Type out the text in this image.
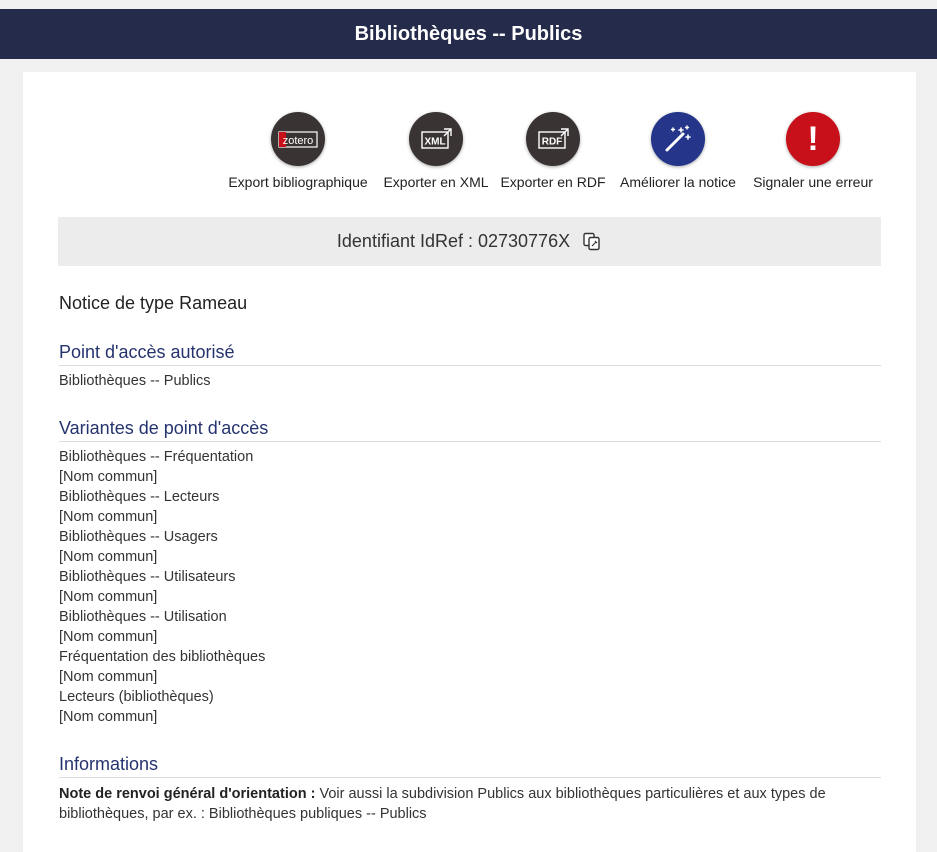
Bibliothèques -- Publics
zotero
Export bibliographique
XML
Exporter en XML
RDF
Exporter en RDF Améliorer la notice
!
Signaler une erreur
Identifiant IdRef : 02730776X
Notice de type Rameau
Point d'accès autorisé
Bibliothèques -- Publics
Variantes de point d'accès
Bibliothèques -- Fréquentation
[Nom commun]
Bibliothèques -- Lecteurs
[Nom commun]
Bibliothèques -- Usagers
[Nom commun]
Bibliothèques -- Utilisateurs
[Nom commun]
Bibliothèques -- Utilisation
[Nom commun]
Fréquentation des bibliothèques
[Nom commun]
Lecteurs (bibliothèques)
[Nom commun]
Informations
Note de renvoi général d'orientation : Voir aussi la subdivision Publics aux bibliothèques particulières et aux types de bibliothèques, par ex. : Bibliothèques publiques -- Publics
